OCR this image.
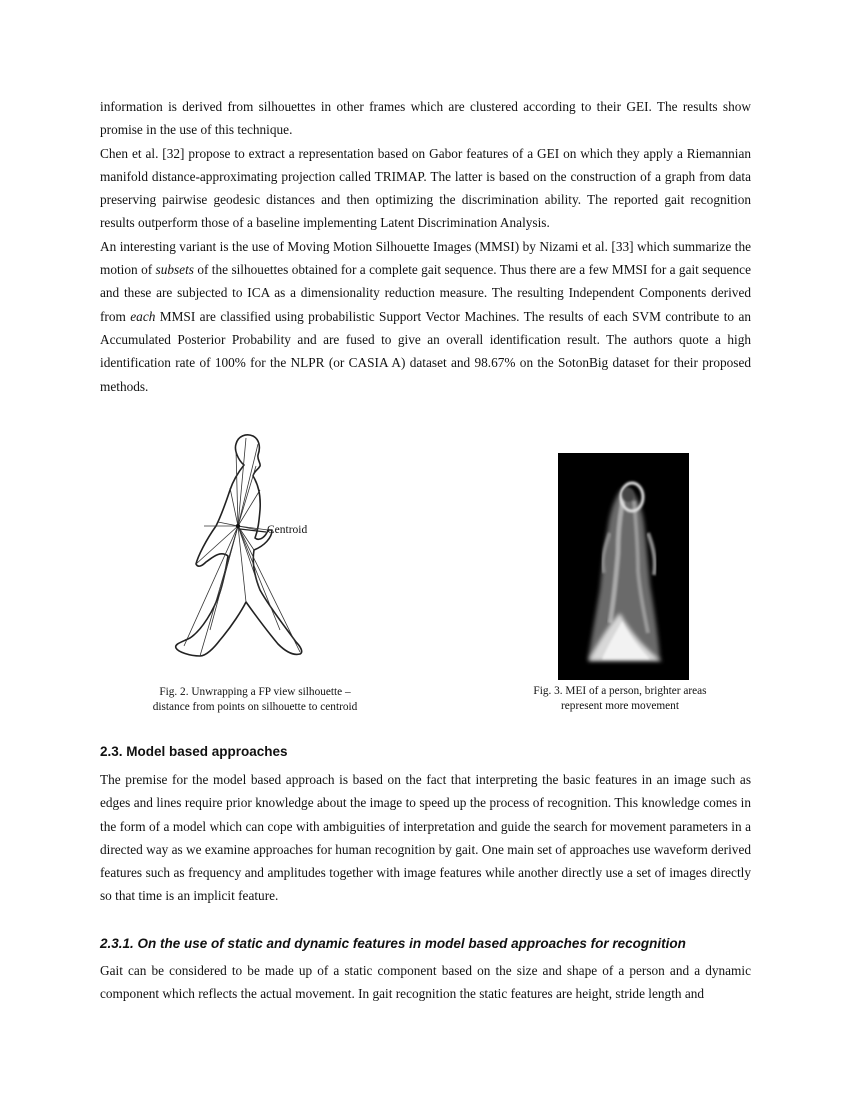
information is derived from silhouettes in other frames which are clustered according to their GEI. The results show promise in the use of this technique.

Chen et al. [32] propose to extract a representation based on Gabor features of a GEI on which they apply a Riemannian manifold distance-approximating projection called TRIMAP. The latter is based on the construction of a graph from data preserving pairwise geodesic distances and then optimizing the discrimination ability. The reported gait recognition results outperform those of a baseline implementing Latent Discrimination Analysis.

An interesting variant is the use of Moving Motion Silhouette Images (MMSI) by Nizami et al. [33] which summarize the motion of subsets of the silhouettes obtained for a complete gait sequence. Thus there are a few MMSI for a gait sequence and these are subjected to ICA as a dimensionality reduction measure. The resulting Independent Components derived from each MMSI are classified using probabilistic Support Vector Machines. The results of each SVM contribute to an Accumulated Posterior Probability and are fused to give an overall identification result. The authors quote a high identification rate of 100% for the NLPR (or CASIA A) dataset and 98.67% on the SotonBig dataset for their proposed methods.

Centroid
Fig. 2. Unwrapping a FP view silhouette –
distance from points on silhouette to centroid
Fig. 3. MEI of a person, brighter areas
represent more movement
2.3. Model based approaches

The premise for the model based approach is based on the fact that interpreting the basic features in an image such as edges and lines require prior knowledge about the image to speed up the process of recognition. This knowledge comes in the form of a model which can cope with ambiguities of interpretation and guide the search for movement parameters in a directed way as we examine approaches for human recognition by gait. One main set of approaches use waveform derived features such as frequency and amplitudes together with image features while another directly use a set of images directly so that time is an implicit feature.

2.3.1. On the use of static and dynamic features in model based approaches for recognition

Gait can be considered to be made up of a static component based on the size and shape of a person and a dynamic component which reflects the actual movement. In gait recognition the static features are height, stride length and
